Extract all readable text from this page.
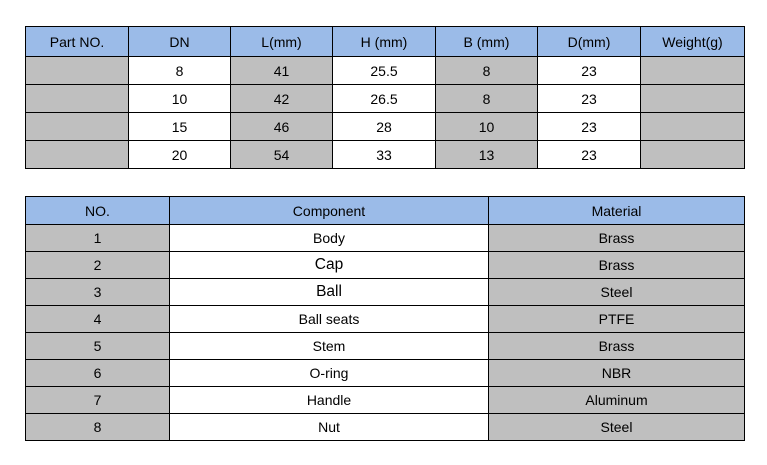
Part NO.	DN	L(mm)	H (mm)	B (mm)	D(mm)	Weight(g)
	8	41	25.5	8	23	
	10	42	26.5	8	23	
	15	46	28	10	23	
	20	54	33	13	23	
NO.	Component	Material
1	Body	Brass
2	Cap	Brass
3	Ball	Steel
4	Ball seats	PTFE
5	Stem	Brass
6	O-ring	NBR
7	Handle	Aluminum
8	Nut	Steel
